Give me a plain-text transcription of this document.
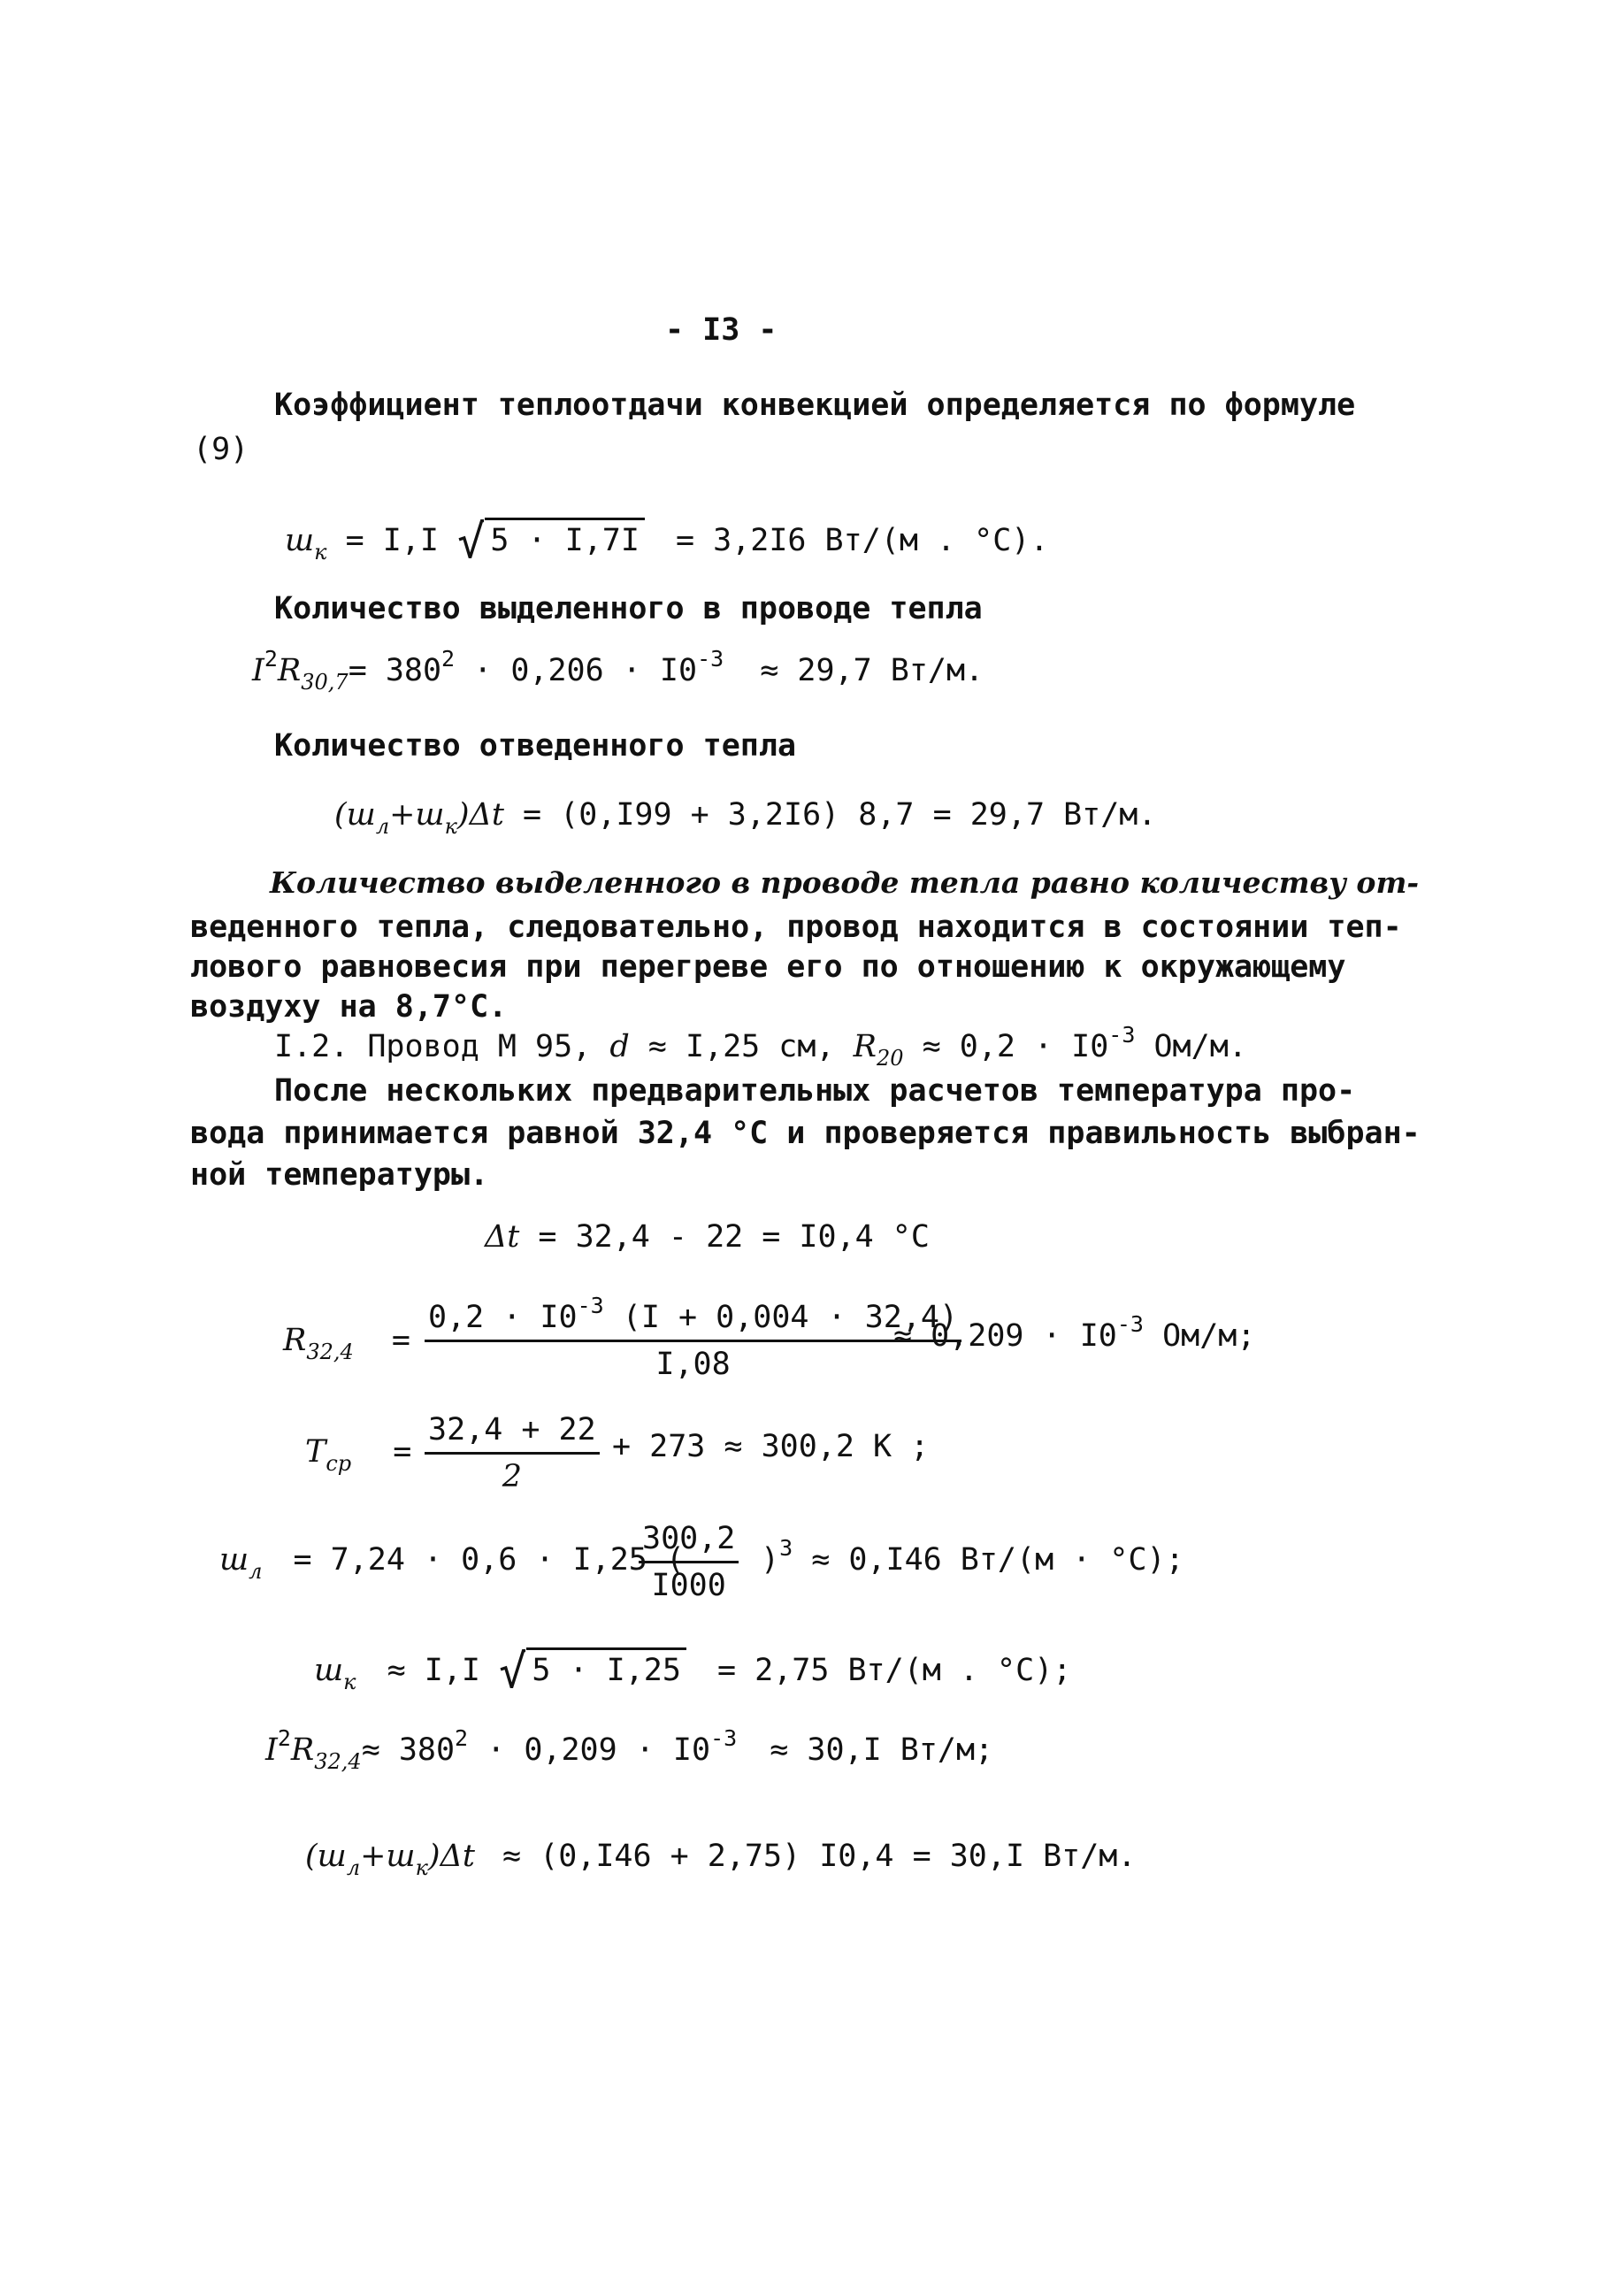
- I3 -
Коэффициент теплоотдачи конвекцией определяется по формуле
(9)
$ш_к = I,I$ √ 5 · I,7I = 3,2I6 Вт/(м . °С).
Количество выделенного в проводе тепла
$I^2R_{30,7}= 380^2 \cdot 0,206 \cdot I0^{-3} \approx 29,7$ Вт/м.
Количество отведенного тепла
$(ш_л+ш_к)\Delta t = (0,I99 + 3,2I6) 8,7 = 29,7$ Вт/м.
Количество выделенного в проводе тепла равно количеству от-
веденного тепла, следовательно, провод находится в состоянии теп-
лового равновесия при перегреве его по отношению к окружающему
воздуху на 8,7°С.
I.2. Провод М 95, d ≈ I,25 см, $R_{20} \approx 0,2 \cdot I0^{-3}$ Ом/м.
После нескольких предварительных расчетов температура про-
вода принимается равной 32,4 °С и проверяется правильность выбран-
ной температуры.
Δt = 32,4 - 22 = I0,4 °С
$R_{32,4} = \frac{0,2 \cdot I0^{-3} (I + 0,004 \cdot 32,4)}{I,08}$
≈ $0,209 \cdot I0^{-3}$ Ом/м;
$T_{ср} = \frac{32,4 + 22}{2} + 273 \approx 300,2$ К ;
$ш_л = 7,24 \cdot 0,6 \cdot I,25$ (
$\frac{300,2}{I000} )^3 \approx 0,I46$ Вт/(м · °С);
$ш_к \approx I,I$ √ 5 · I,25 = 2,75 Вт/(м . °С);
$I^2R_{32,4}\approx 380^2 \cdot 0,209 \cdot I0^{-3} \approx 30,I$ Вт/м;
$(ш_л+ш_к)\Delta t \approx (0,I46 + 2,75) I0,4 = 30,I$ Вт/м.
